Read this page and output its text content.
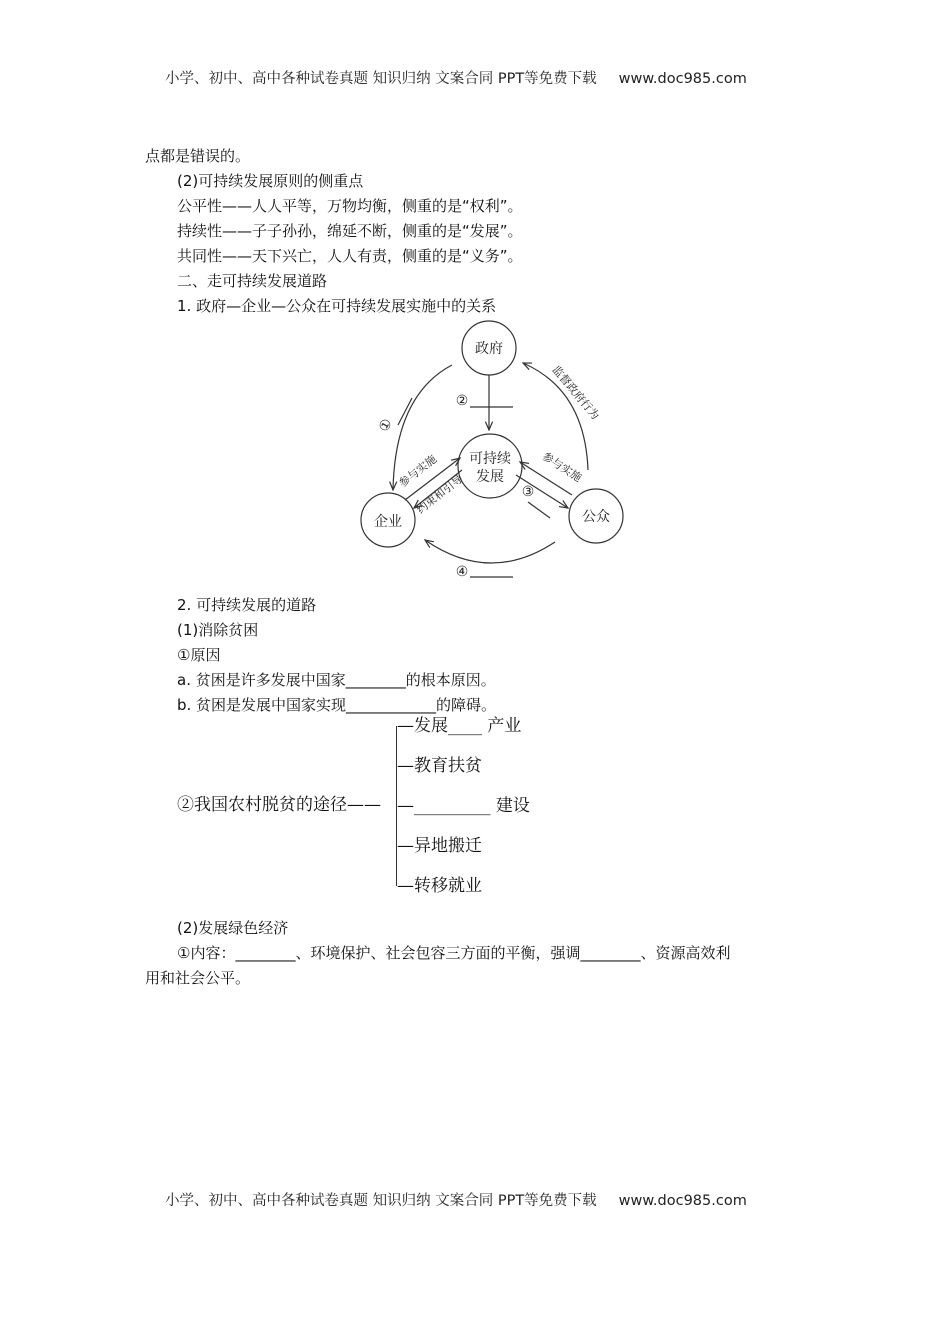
小学、初中、高中各种试卷真题 知识归纳 文案合同 PPT等免费下载 www.doc985.com
点都是错误的。
(2)可持续发展原则的侧重点
公平性——人人平等，万物均衡，侧重的是“权利”。
持续性——子子孙孙，绵延不断，侧重的是“发展”。
共同性——天下兴亡，人人有责，侧重的是“义务”。
二、走可持续发展道路
1. 政府—企业—公众在可持续发展实施中的关系
政府
可持续
发展
企业	公众
②
①
③
④
监督政府行为
参与实施	参与实施
约束和引导
2. 可持续发展的道路
(1)消除贫困
①原因
a. 贫困是许多发展中国家________的根本原因。
b. 贫困是发展中国家实现____________的障碍。
②我国农村脱贫的途径——
—发展____ 产业
—教育扶贫
—_________ 建设
—异地搬迁
—转移就业
(2)发展绿色经济
①内容：________、环境保护、社会包容三方面的平衡，强调________、资源高效利
用和社会公平。
小学、初中、高中各种试卷真题 知识归纳 文案合同 PPT等免费下载 www.doc985.com
